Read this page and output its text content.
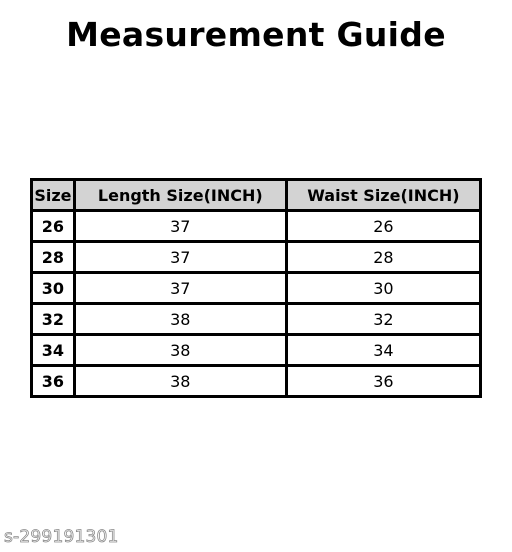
Measurement Guide
Size	Length Size(INCH)	Waist Size(INCH)
26	37	26
28	37	28
30	37	30
32	38	32
34	38	34
36	38	36
s-299191301
